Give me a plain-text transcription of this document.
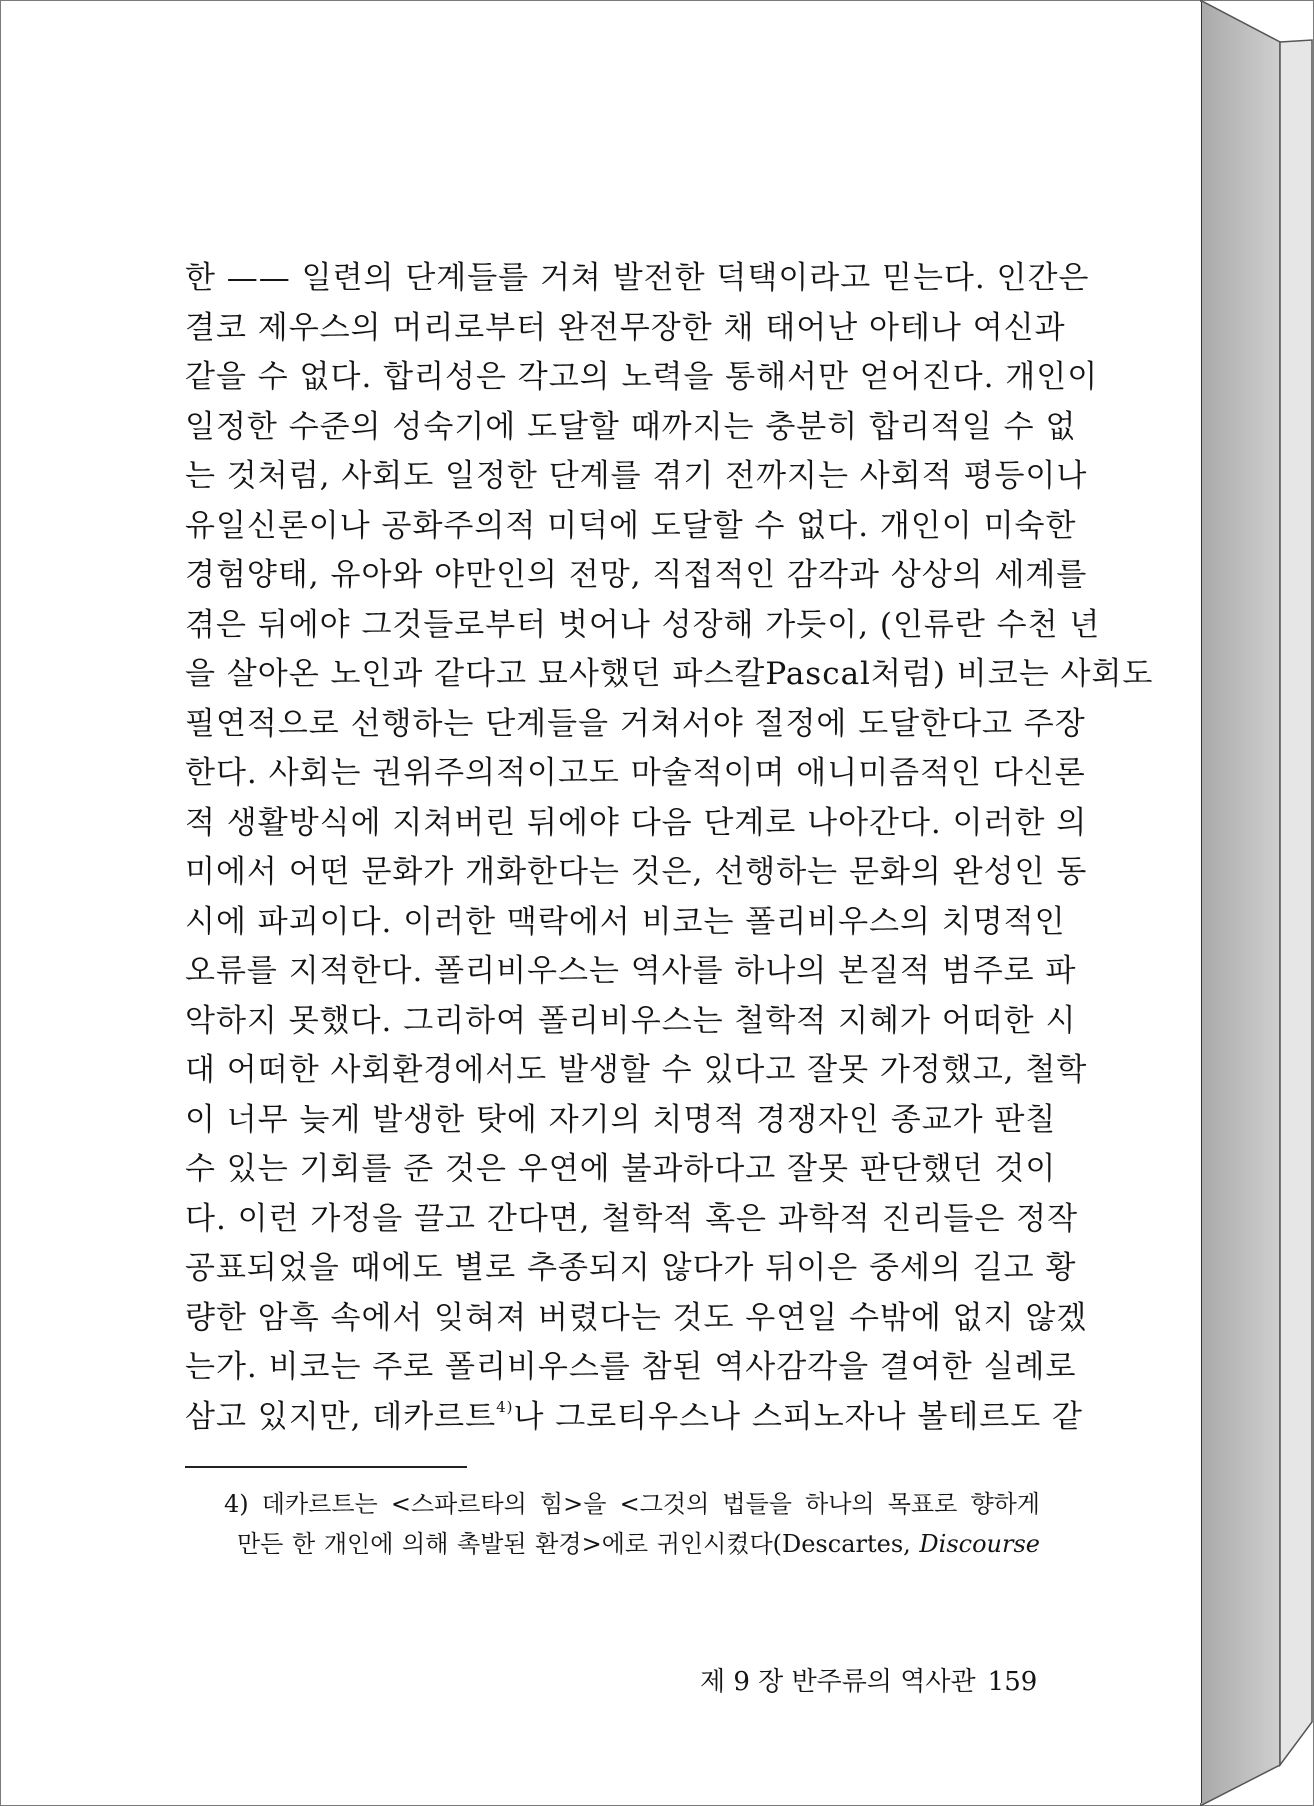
한 —— 일련의 단계들를 거쳐 발전한 덕택이라고 믿는다. 인간은
결코 제우스의 머리로부터 완전무장한 채 태어난 아테나 여신과
같을 수 없다. 합리성은 각고의 노력을 통해서만 얻어진다. 개인이
일정한 수준의 성숙기에 도달할 때까지는 충분히 합리적일 수 없
는 것처럼, 사회도 일정한 단계를 겪기 전까지는 사회적 평등이나
유일신론이나 공화주의적 미덕에 도달할 수 없다. 개인이 미숙한
경험양태, 유아와 야만인의 전망, 직접적인 감각과 상상의 세계를
겪은 뒤에야 그것들로부터 벗어나 성장해 가듯이, (인류란 수천 년
을 살아온 노인과 같다고 묘사했던 파스칼Pascal처럼) 비코는 사회도
필연적으로 선행하는 단계들을 거쳐서야 절정에 도달한다고 주장
한다. 사회는 권위주의적이고도 마술적이며 애니미즘적인 다신론
적 생활방식에 지쳐버린 뒤에야 다음 단계로 나아간다. 이러한 의
미에서 어떤 문화가 개화한다는 것은, 선행하는 문화의 완성인 동
시에 파괴이다. 이러한 맥락에서 비코는 폴리비우스의 치명적인
오류를 지적한다. 폴리비우스는 역사를 하나의 본질적 범주로 파
악하지 못했다. 그리하여 폴리비우스는 철학적 지혜가 어떠한 시
대 어떠한 사회환경에서도 발생할 수 있다고 잘못 가정했고, 철학
이 너무 늦게 발생한 탓에 자기의 치명적 경쟁자인 종교가 판칠
수 있는 기회를 준 것은 우연에 불과하다고 잘못 판단했던 것이
다. 이런 가정을 끌고 간다면, 철학적 혹은 과학적 진리들은 정작
공표되었을 때에도 별로 추종되지 않다가 뒤이은 중세의 길고 황
량한 암흑 속에서 잊혀져 버렸다는 것도 우연일 수밖에 없지 않겠
는가. 비코는 주로 폴리비우스를 참된 역사감각을 결여한 실례로
삼고 있지만, 데카르트$^{4)}$나 그로티우스나 스피노자나 볼테르도 같
4) 데카르트는 <스파르타의 힘>을 <그것의 법들을 하나의 목표로 향하게
만든 한 개인에 의해 촉발된 환경>에로 귀인시켰다(Descartes, Discourse
제 9 장 반주류의 역사관 159
